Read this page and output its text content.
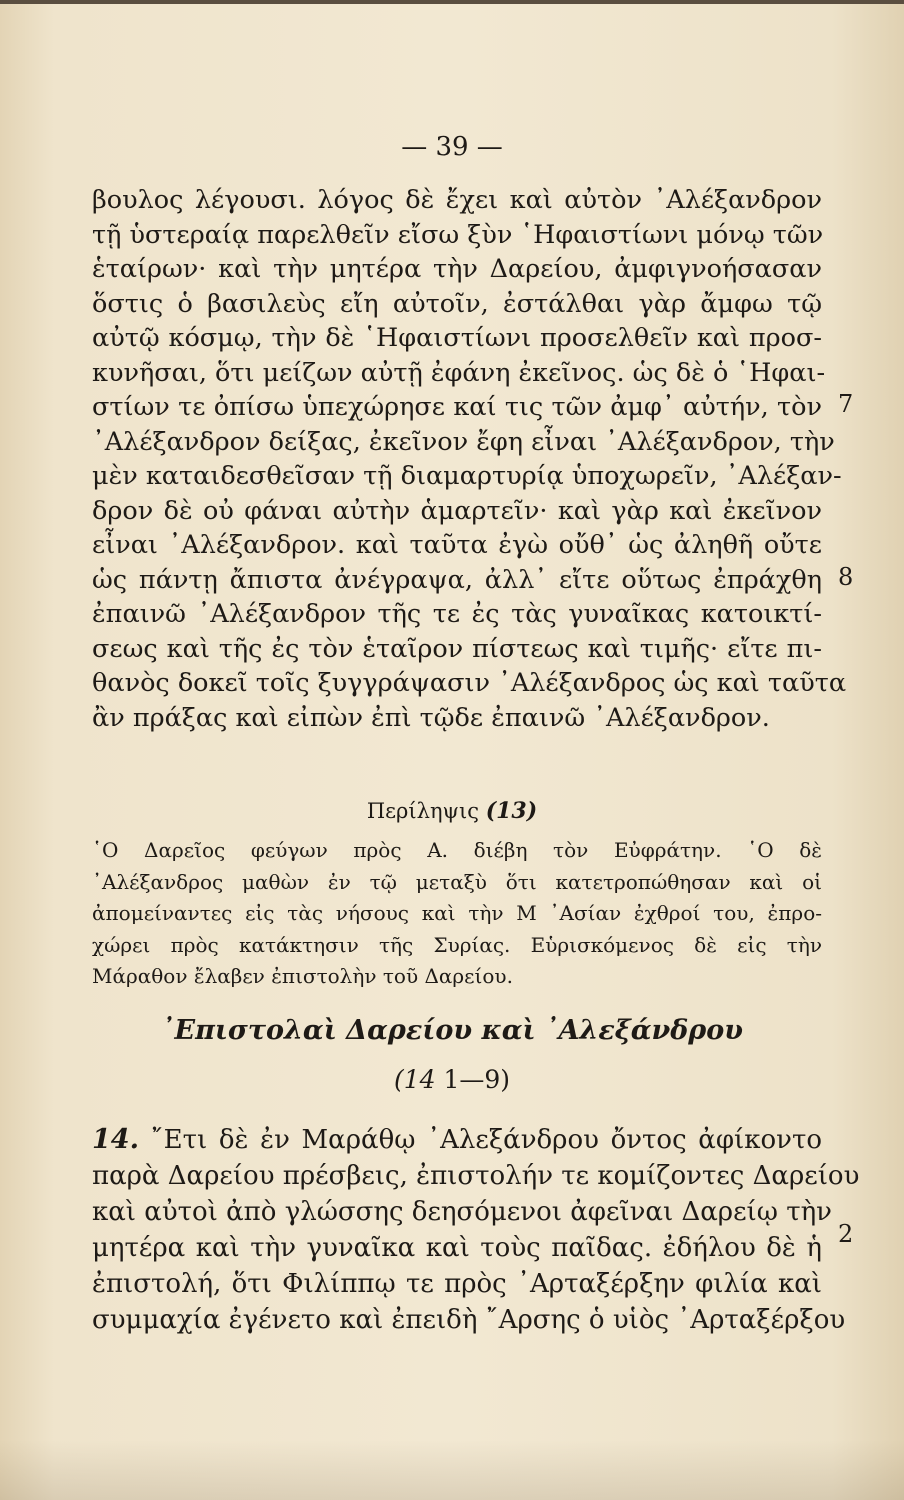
— 39 —
βουλος λέγουσι. λόγος δὲ ἔχει καὶ αὐτὸν ᾿Αλέξανδρον
τῇ ὑστεραίᾳ παρελθεῖν εἴσω ξὺν ῾Ηφαιστίωνι μόνῳ τῶν
ἑταίρων· καὶ τὴν μητέρα τὴν Δαρείου, ἀμφιγνοήσασαν
ὅστις ὁ βασιλεὺς εἴη αὐτοῖν, ἐστάλθαι γὰρ ἄμφω τῷ
αὐτῷ κόσμῳ, τὴν δὲ ῾Ηφαιστίωνι προσελθεῖν καὶ προσ-
κυνῆσαι, ὅτι μείζων αὐτῇ ἐφάνη ἐκεῖνος. ὡς δὲ ὁ ῾Ηφαι-
στίων τε ὀπίσω ὑπεχώρησε καί τις τῶν ἀμφ᾿ αὐτήν, τὸν
᾿Αλέξανδρον δείξας, ἐκεῖνον ἔφη εἶναι ᾿Αλέξανδρον, τὴν
μὲν καταιδεσθεῖσαν τῇ διαμαρτυρίᾳ ὑποχωρεῖν, ᾿Αλέξαν-
δρον δὲ οὐ φάναι αὐτὴν ἁμαρτεῖν· καὶ γὰρ καὶ ἐκεῖνον
εἶναι ᾿Αλέξανδρον. καὶ ταῦτα ἐγὼ οὔθ᾿ ὡς ἀληθῆ οὔτε
ὡς πάντῃ ἄπιστα ἀνέγραψα, ἀλλ᾿ εἴτε οὕτως ἐπράχθη
ἐπαινῶ ᾿Αλέξανδρον τῆς τε ἐς τὰς γυναῖκας κατοικτί-
σεως καὶ τῆς ἐς τὸν ἑταῖρον πίστεως καὶ τιμῆς· εἴτε πι-
θανὸς δοκεῖ τοῖς ξυγγράψασιν ᾿Αλέξανδρος ὡς καὶ ταῦτα
ἂν πράξας καὶ εἰπὼν ἐπὶ τῷδε ἐπαινῶ ᾿Αλέξανδρον.
7
8
2
Περίληψις (13)
῾Ο Δαρεῖος φεύγων πρὸς Α. διέβη τὸν Εὐφράτην. ῾Ο δὲ
᾿Αλέξανδρος μαθὼν ἐν τῷ μεταξὺ ὅτι κατετροπώθησαν καὶ οἱ
ἀπομείναντες εἰς τὰς νήσους καὶ τὴν Μ ᾿Ασίαν ἐχθροί του, ἐπρο-
χώρει πρὸς κατάκτησιν τῆς Συρίας. Εὑρισκόμενος δὲ εἰς τὴν
Μάραθον ἔλαβεν ἐπιστολὴν τοῦ Δαρείου.
᾿Επιστολαὶ Δαρείου καὶ ᾿Αλεξάνδρου
(14 1—9)
14. ῎Ετι δὲ ἐν Μαράθῳ ᾿Αλεξάνδρου ὄντος ἀφίκοντο
παρὰ Δαρείου πρέσβεις, ἐπιστολήν τε κομίζοντες Δαρείου
καὶ αὐτοὶ ἀπὸ γλώσσης δεησόμενοι ἀφεῖναι Δαρείῳ τὴν
μητέρα καὶ τὴν γυναῖκα καὶ τοὺς παῖδας. ἐδήλου δὲ ἡ
ἐπιστολή, ὅτι Φιλίππῳ τε πρὸς ᾿Αρταξέρξην φιλία καὶ
συμμαχία ἐγένετο καὶ ἐπειδὴ ῎Αρσης ὁ υἱὸς ᾿Αρταξέρξου
